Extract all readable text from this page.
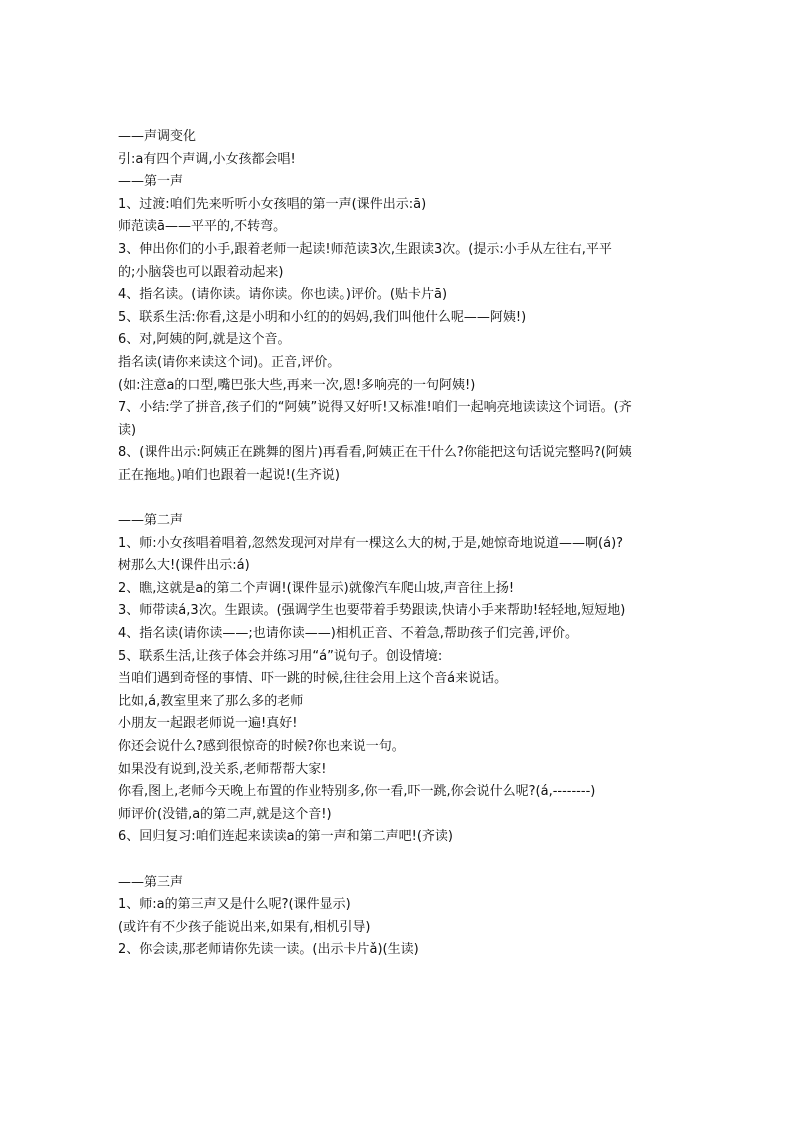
——声调变化
引:a有四个声调,小女孩都会唱!
——第一声
1、过渡:咱们先来听听小女孩唱的第一声(课件出示:ā)
师范读ā——平平的,不转弯。
3、伸出你们的小手,跟着老师一起读!师范读3次,生跟读3次。(提示:小手从左往右,平平
的;小脑袋也可以跟着动起来)
4、指名读。(请你读。请你读。你也读。)评价。(贴卡片ā)
5、联系生活:你看,这是小明和小红的的妈妈,我们叫他什么呢——阿姨!)
6、对,阿姨的阿,就是这个音。
指名读(请你来读这个词)。正音,评价。
(如:注意a的口型,嘴巴张大些,再来一次,恩!多响亮的一句阿姨!)
7、小结:学了拼音,孩子们的“阿姨”说得又好听!又标准!咱们一起响亮地读读这个词语。(齐
读)
8、(课件出示:阿姨正在跳舞的图片)再看看,阿姨正在干什么?你能把这句话说完整吗?(阿姨
正在拖地。)咱们也跟着一起说!(生齐说)
——第二声
1、师:小女孩唱着唱着,忽然发现河对岸有一棵这么大的树,于是,她惊奇地说道——啊(á)?
树那么大!(课件出示:á)
2、瞧,这就是a的第二个声调!(课件显示)就像汽车爬山坡,声音往上扬!
3、师带读á,3次。生跟读。(强调学生也要带着手势跟读,快请小手来帮助!轻轻地,短短地)
4、指名读(请你读——;也请你读——)相机正音、不着急,帮助孩子们完善,评价。
5、联系生活,让孩子体会并练习用“á”说句子。创设情境:
当咱们遇到奇怪的事情、吓一跳的时候,往往会用上这个音á来说话。
比如,á,教室里来了那么多的老师
小朋友一起跟老师说一遍!真好!
你还会说什么?感到很惊奇的时候?你也来说一句。
如果没有说到,没关系,老师帮帮大家!
你看,图上,老师今天晚上布置的作业特别多,你一看,吓一跳,你会说什么呢?(á,--------)
师评价(没错,a的第二声,就是这个音!)
6、回归复习:咱们连起来读读a的第一声和第二声吧!(齐读)
——第三声
1、师:a的第三声又是什么呢?(课件显示)
(或许有不少孩子能说出来,如果有,相机引导)
2、你会读,那老师请你先读一读。(出示卡片ǎ)(生读)
